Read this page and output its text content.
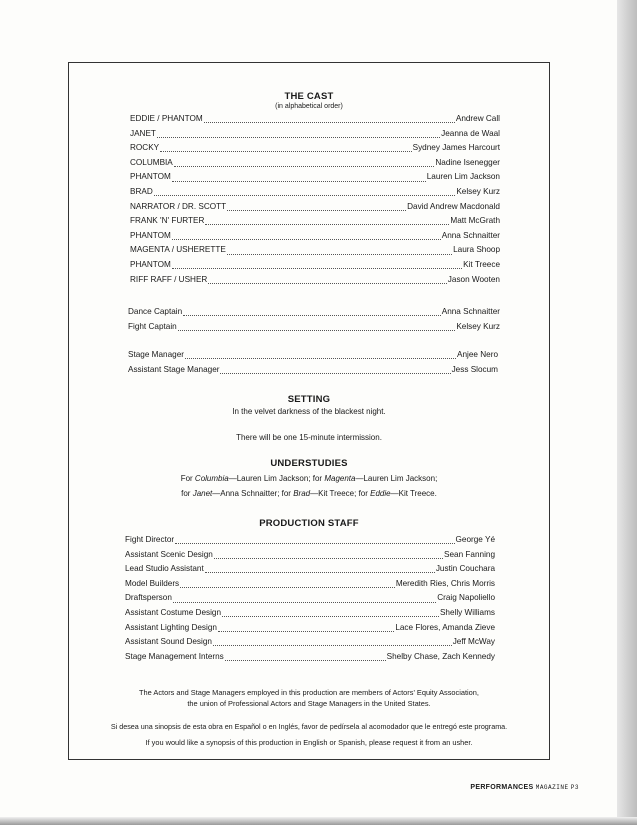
THE CAST
(in alphabetical order)
EDDIE / PHANTOM	Andrew Call
JANET	Jeanna de Waal
ROCKY	Sydney James Harcourt
COLUMBIA	Nadine Isenegger
PHANTOM	Lauren Lim Jackson
BRAD	Kelsey Kurz
NARRATOR / DR. SCOTT	David Andrew Macdonald
FRANK 'N' FURTER	Matt McGrath
PHANTOM	Anna Schnaitter
MAGENTA / USHERETTE	Laura Shoop
PHANTOM	Kit Treece
RIFF RAFF / USHER	Jason Wooten
Dance Captain	Anna Schnaitter
Fight Captain	Kelsey Kurz
Stage Manager	Anjee Nero
Assistant Stage Manager	Jess Slocum
SETTING
In the velvet darkness of the blackest night.
There will be one 15-minute intermission.
UNDERSTUDIES
For Columbia—Lauren Lim Jackson; for Magenta—Lauren Lim Jackson;
for Janet—Anna Schnaitter; for Brad—Kit Treece; for Eddie—Kit Treece.
PRODUCTION STAFF
Fight Director	George Yé
Assistant Scenic Design	Sean Fanning
Lead Studio Assistant	Justin Couchara
Model Builders	Meredith Ries, Chris Morris
Draftsperson	Craig Napoliello
Assistant Costume Design	Shelly Williams
Assistant Lighting Design	Lace Flores, Amanda Zieve
Assistant Sound Design	Jeff McWay
Stage Management Interns	Shelby Chase, Zach Kennedy
The Actors and Stage Managers employed in this production are members of Actors' Equity Association,
the union of Professional Actors and Stage Managers in the United States.
Si desea una sinopsis de esta obra en Español o en Inglés, favor de pedírsela al acomodador que le entregó este programa.
If you would like a synopsis of this production in English or Spanish, please request it from an usher.
PERFORMANCES MAGAZINE P3
